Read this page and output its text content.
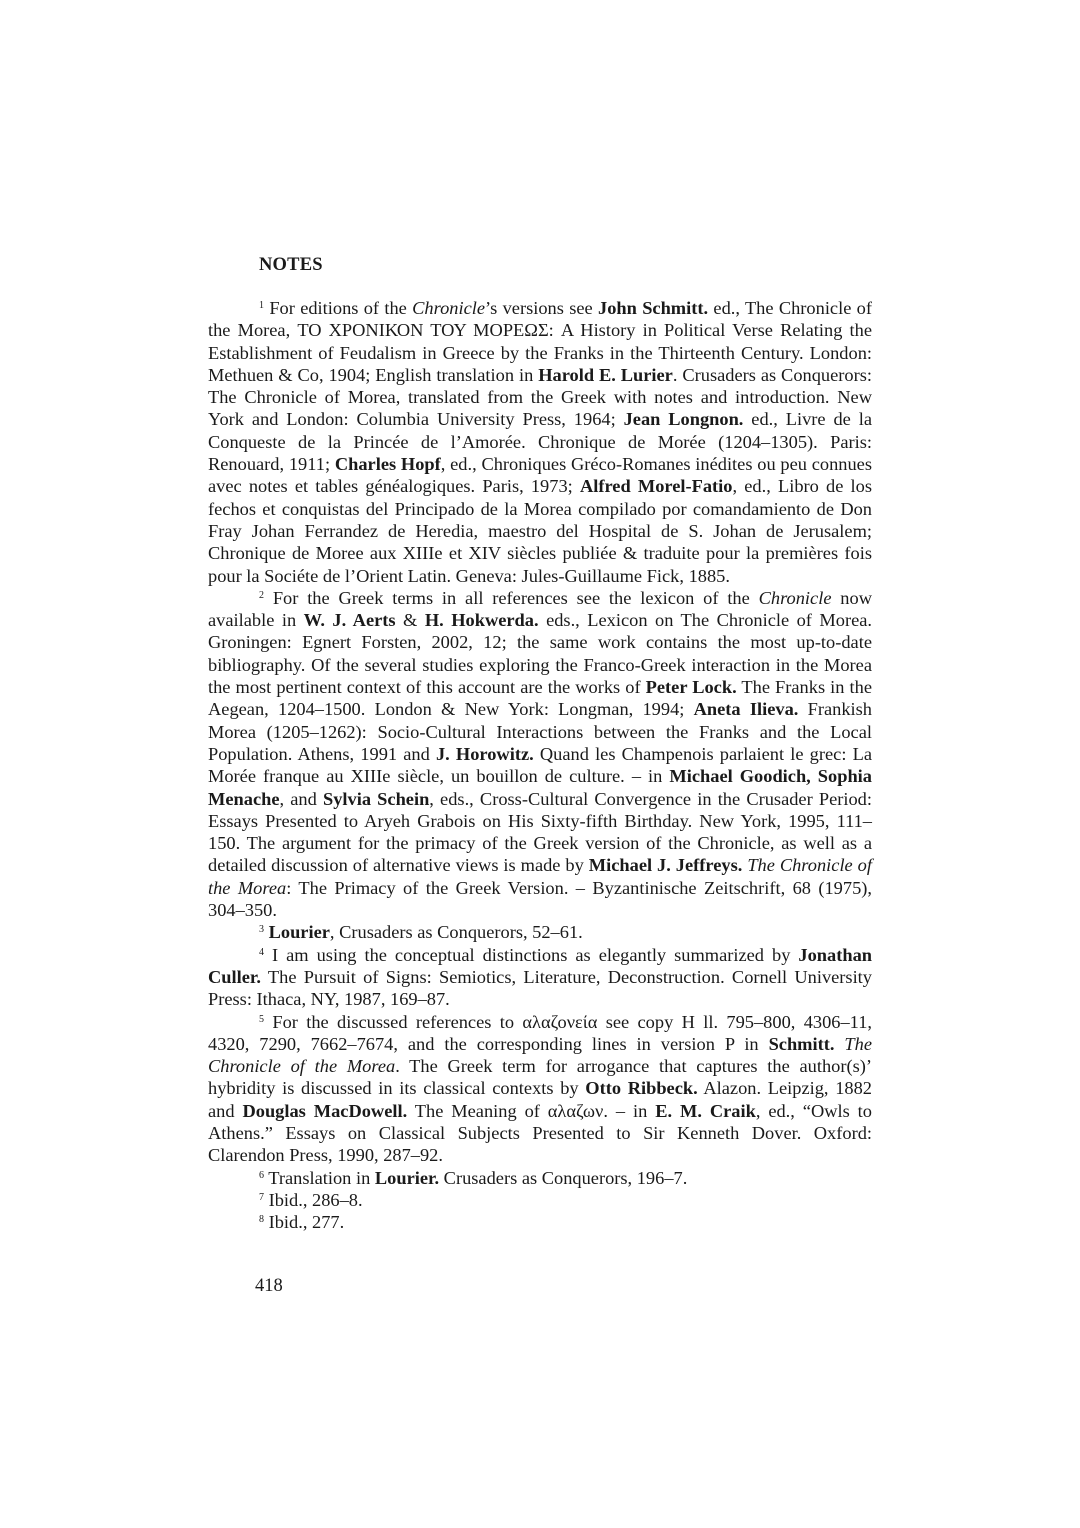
NOTES

$^1$ For editions of the Chronicle’s versions see John Schmitt. ed., The Chronicle of the Morea, ΤΟ ΧΡΟΝΙΚΟΝ ΤΟΥ ΜΟΡΕΩΣ: A History in Political Verse Relating the Establishment of Feudalism in Greece by the Franks in the Thirteenth Century. London: Methuen & Co, 1904; English translation in Harold E. Lurier. Crusaders as Conquerors: The Chronicle of Morea, translated from the Greek with notes and introduction. New York and London: Columbia University Press, 1964; Jean Longnon. ed., Livre de la Conqueste de la Princée de l’Amorée. Chronique de Morée (1204–1305). Paris: Renouard, 1911; Charles Hopf, ed., Chroniques Gréco-Romanes inédites ou peu connues avec notes et tables généalogiques. Paris, 1973; Alfred Morel-Fatio, ed., Libro de los fechos et conquistas del Principado de la Morea compilado por comandamiento de Don Fray Johan Ferrandez de Heredia, maestro del Hospital de S. Johan de Jerusalem; Chronique de Moree aux XIIIe et XIV siècles publiée & traduite pour la premières fois pour la Sociéte de l’Orient Latin. Geneva: Jules-Guillaume Fick, 1885.

$^2$ For the Greek terms in all references see the lexicon of the Chronicle now available in W. J. Aerts & H. Hokwerda. eds., Lexicon on The Chronicle of Morea. Groningen: Egnert Forsten, 2002, 12; the same work contains the most up-to-date bibliography. Of the several studies exploring the Franco-Greek interaction in the Morea the most pertinent context of this account are the works of Peter Lock. The Franks in the Aegean, 1204–1500. London & New York: Longman, 1994; Aneta Ilieva. Frankish Morea (1205–1262): Socio-Cultural Interactions between the Franks and the Local Population. Athens, 1991 and J. Horowitz. Quand les Champenois parlaient le grec: La Morée franque au XIIIe siècle, un bouillon de culture. – in Michael Goodich, Sophia Menache, and Sylvia Schein, eds., Cross-Cultural Convergence in the Crusader Period: Essays Presented to Aryeh Grabois on His Sixty-fifth Birthday. New York, 1995, 111–150. The argument for the primacy of the Greek version of the Chronicle, as well as a detailed discussion of alternative views is made by Michael J. Jeffreys. The Chronicle of the Morea: The Primacy of the Greek Version. – Byzantinische Zeitschrift, 68 (1975), 304–350.

$^3$ Lourier, Crusaders as Conquerors, 52–61.

$^4$ I am using the conceptual distinctions as elegantly summarized by Jonathan Culler. The Pursuit of Signs: Semiotics, Literature, Deconstruction. Cornell University Press: Ithaca, NY, 1987, 169–87.

$^5$ For the discussed references to αλαζονεία see copy H ll. 795–800, 4306–11, 4320, 7290, 7662–7674, and the corresponding lines in version P in Schmitt. The Chronicle of the Morea. The Greek term for arrogance that captures the author(s)’ hybridity is discussed in its classical contexts by Otto Ribbeck. Alazon. Leipzig, 1882 and Douglas MacDowell. The Meaning of αλαζων. – in E. M. Craik, ed., “Owls to Athens.” Essays on Classical Subjects Presented to Sir Kenneth Dover. Oxford: Clarendon Press, 1990, 287–92.

$^6$ Translation in Lourier. Crusaders as Conquerors, 196–7.

$^7$ Ibid., 286–8.

$^8$ Ibid., 277.

418
